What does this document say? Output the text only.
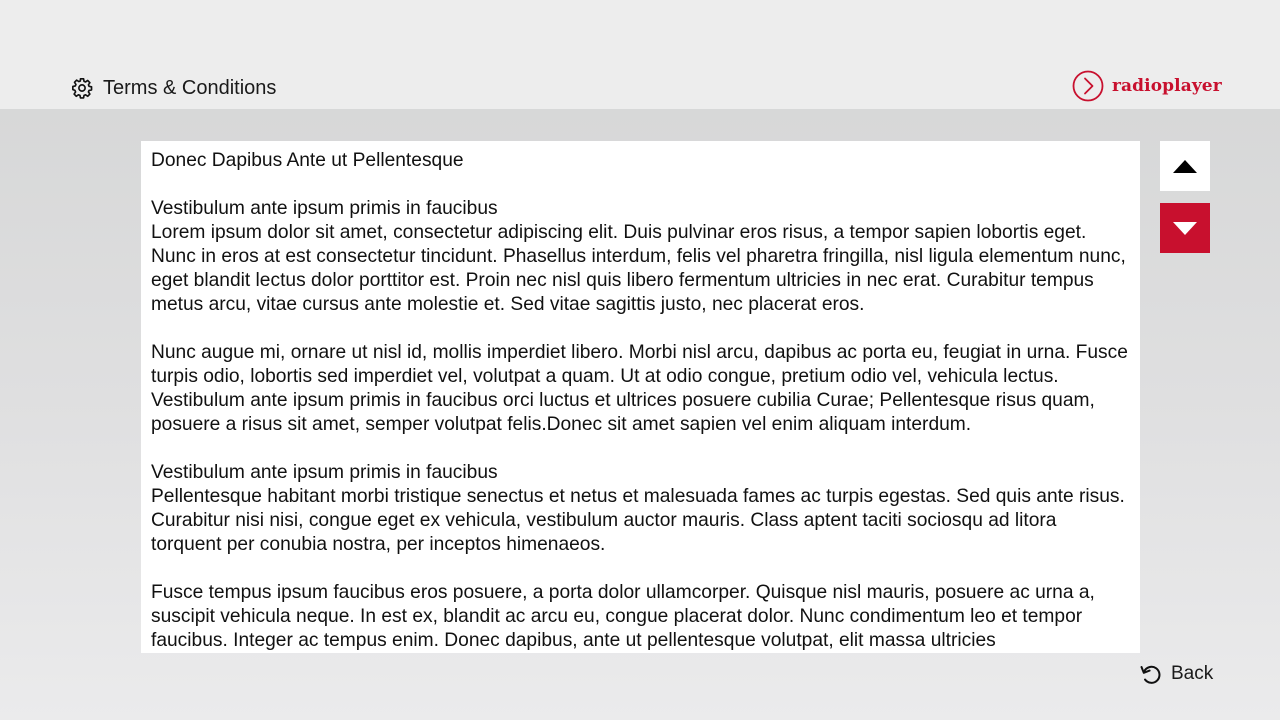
Terms & Conditions	radioplayer

Donec Dapibus Ante ut Pellentesque

Vestibulum ante ipsum primis in faucibus
Lorem ipsum dolor sit amet, consectetur adipiscing elit. Duis pulvinar eros risus, a tempor sapien lobortis eget. Nunc in eros at est consectetur tincidunt. Phasellus interdum, felis vel pharetra fringilla, nisl ligula elementum nunc, eget blandit lectus dolor porttitor est. Proin nec nisl quis libero fermentum ultricies in nec erat. Curabitur tempus metus arcu, vitae cursus ante molestie et. Sed vitae sagittis justo, nec placerat eros.

Nunc augue mi, ornare ut nisl id, mollis imperdiet libero. Morbi nisl arcu, dapibus ac porta eu, feugiat in urna. Fusce turpis odio, lobortis sed imperdiet vel, volutpat a quam. Ut at odio congue, pretium odio vel, vehicula lectus. Vestibulum ante ipsum primis in faucibus orci luctus et ultrices posuere cubilia Curae; Pellentesque risus quam, posuere a risus sit amet, semper volutpat felis.Donec sit amet sapien vel enim aliquam interdum.

Vestibulum ante ipsum primis in faucibus
Pellentesque habitant morbi tristique senectus et netus et malesuada fames ac turpis egestas. Sed quis ante risus. Curabitur nisi nisi, congue eget ex vehicula, vestibulum auctor mauris. Class aptent taciti sociosqu ad litora torquent per conubia nostra, per inceptos himenaeos.

Fusce tempus ipsum faucibus eros posuere, a porta dolor ullamcorper. Quisque nisl mauris, posuere ac urna a, suscipit vehicula neque. In est ex, blandit ac arcu eu, congue placerat dolor. Nunc condimentum leo et tempor faucibus. Integer ac tempus enim. Donec dapibus, ante ut pellentesque volutpat, elit massa ultricies

Back
